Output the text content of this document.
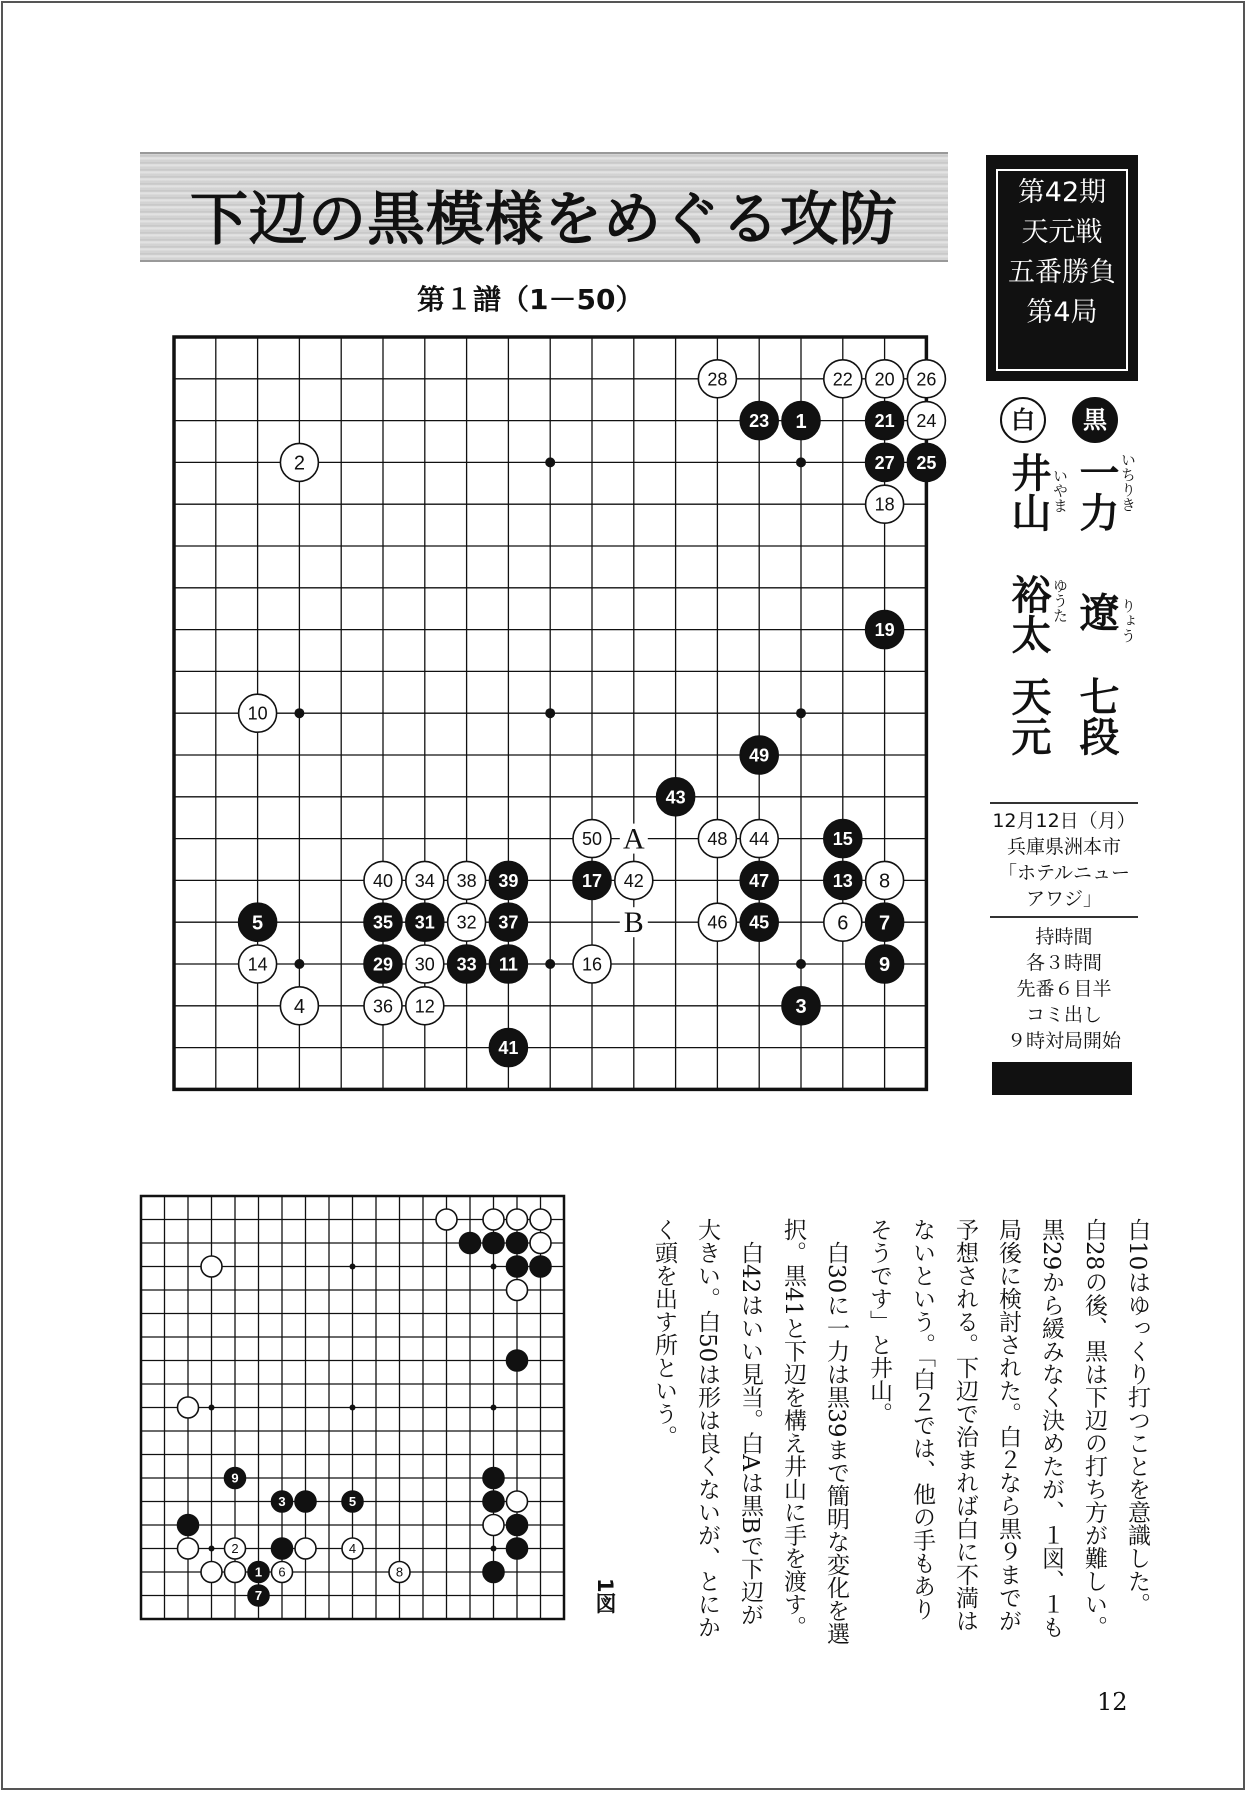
下辺の黒模様をめぐる攻防
第１譜（1－50）
第42期
天元戦
五番勝負
第4局
白	黒
一力 いちりき
遼 りょう
七段
井山 いやま
裕太 ゆうた
天元
12月12日（月）
兵庫県洲本市
「ホテルニュー
アワジ」
持時間
各３時間
先番６目半
コミ出し
９時対局開始
1
3
5	7
9
11
13
15
17
19
21
23
25
27
29
31
33
35	37
39
41
43
45
47
49
2
4
6
8
10
12
14	16
18
20
22
24
26
28
30
32
34
36
38
40	42
44
46
48
50 A
B
1
3	5
7
9
2	4
6	8
1図	白10はゆっくり打つことを意識した。
白28の後、黒は下辺の打ち方が難しい。
黒29から緩みなく決めたが、１図、１も
局後に検討された。白２なら黒９までが
予想される。下辺で治まれば白に不満は
ないという。「白２では、他の手もあり
そうです」と井山。
　白30に一力は黒39まで簡明な変化を選
択。黒41と下辺を構え井山に手を渡す。
　白42はいい見当。白Aは黒Bで下辺が
大きい。白50は形は良くないが、とにか
く頭を出す所という。
12
